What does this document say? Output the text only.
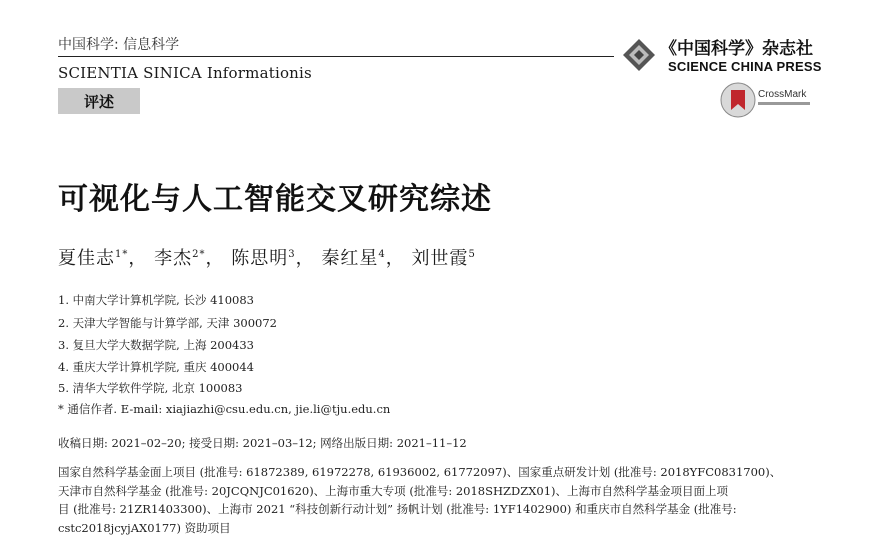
中国科学: 信息科学
SCIENTIA SINICA Informationis
评述
《中国科学》杂志社
SCIENCE CHINA PRESS
CrossMark
可视化与人工智能交叉研究综述
夏佳志$^{1*}$， 李杰$^{2*}$， 陈思明$^3$， 秦红星$^4$， 刘世霞$^5$
1. 中南大学计算机学院, 长沙 410083
2. 天津大学智能与计算学部, 天津 300072
3. 复旦大学大数据学院, 上海 200433
4. 重庆大学计算机学院, 重庆 400044
5. 清华大学软件学院, 北京 100083
* 通信作者. E-mail: xiajiazhi@csu.edu.cn, jie.li@tju.edu.cn
收稿日期: 2021–02–20; 接受日期: 2021–03–12; 网络出版日期: 2021–11–12
国家自然科学基金面上项目 (批准号: 61872389, 61972278, 61936002, 61772097)、国家重点研发计划 (批准号: 2018YFC0831700)、
天津市自然科学基金 (批准号: 20JCQNJC01620)、上海市重大专项 (批准号: 2018SHZDZX01)、上海市自然科学基金项目面上项
目 (批准号: 21ZR1403300)、上海市 2021 “科技创新行动计划” 扬帆计划 (批准号: 1YF1402900) 和重庆市自然科学基金 (批准号:
cstc2018jcyjAX0177) 资助项目
